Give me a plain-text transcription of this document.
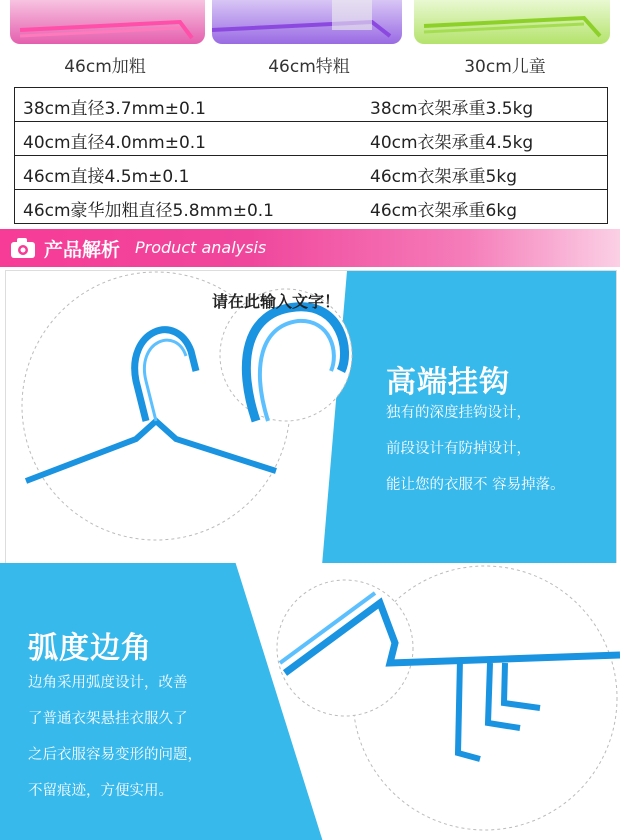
46cm加粗	46cm特粗	30cm儿童
38cm直径3.7mm±0.1	38cm衣架承重3.5kg
40cm直径4.0mm±0.1	40cm衣架承重4.5kg
46cm直接4.5m±0.1	46cm衣架承重5kg
46cm豪华加粗直径5.8mm±0.1	46cm衣架承重6kg
产品解析 Product analysis
请在此输入文字！
高端挂钩
独有的深度挂钩设计，
前段设计有防掉设计，
能让您的衣服不 容易掉落。
弧度边角
边角采用弧度设计，改善
了普通衣架悬挂衣服久了
之后衣服容易变形的问题，
不留痕迹，方便实用。
